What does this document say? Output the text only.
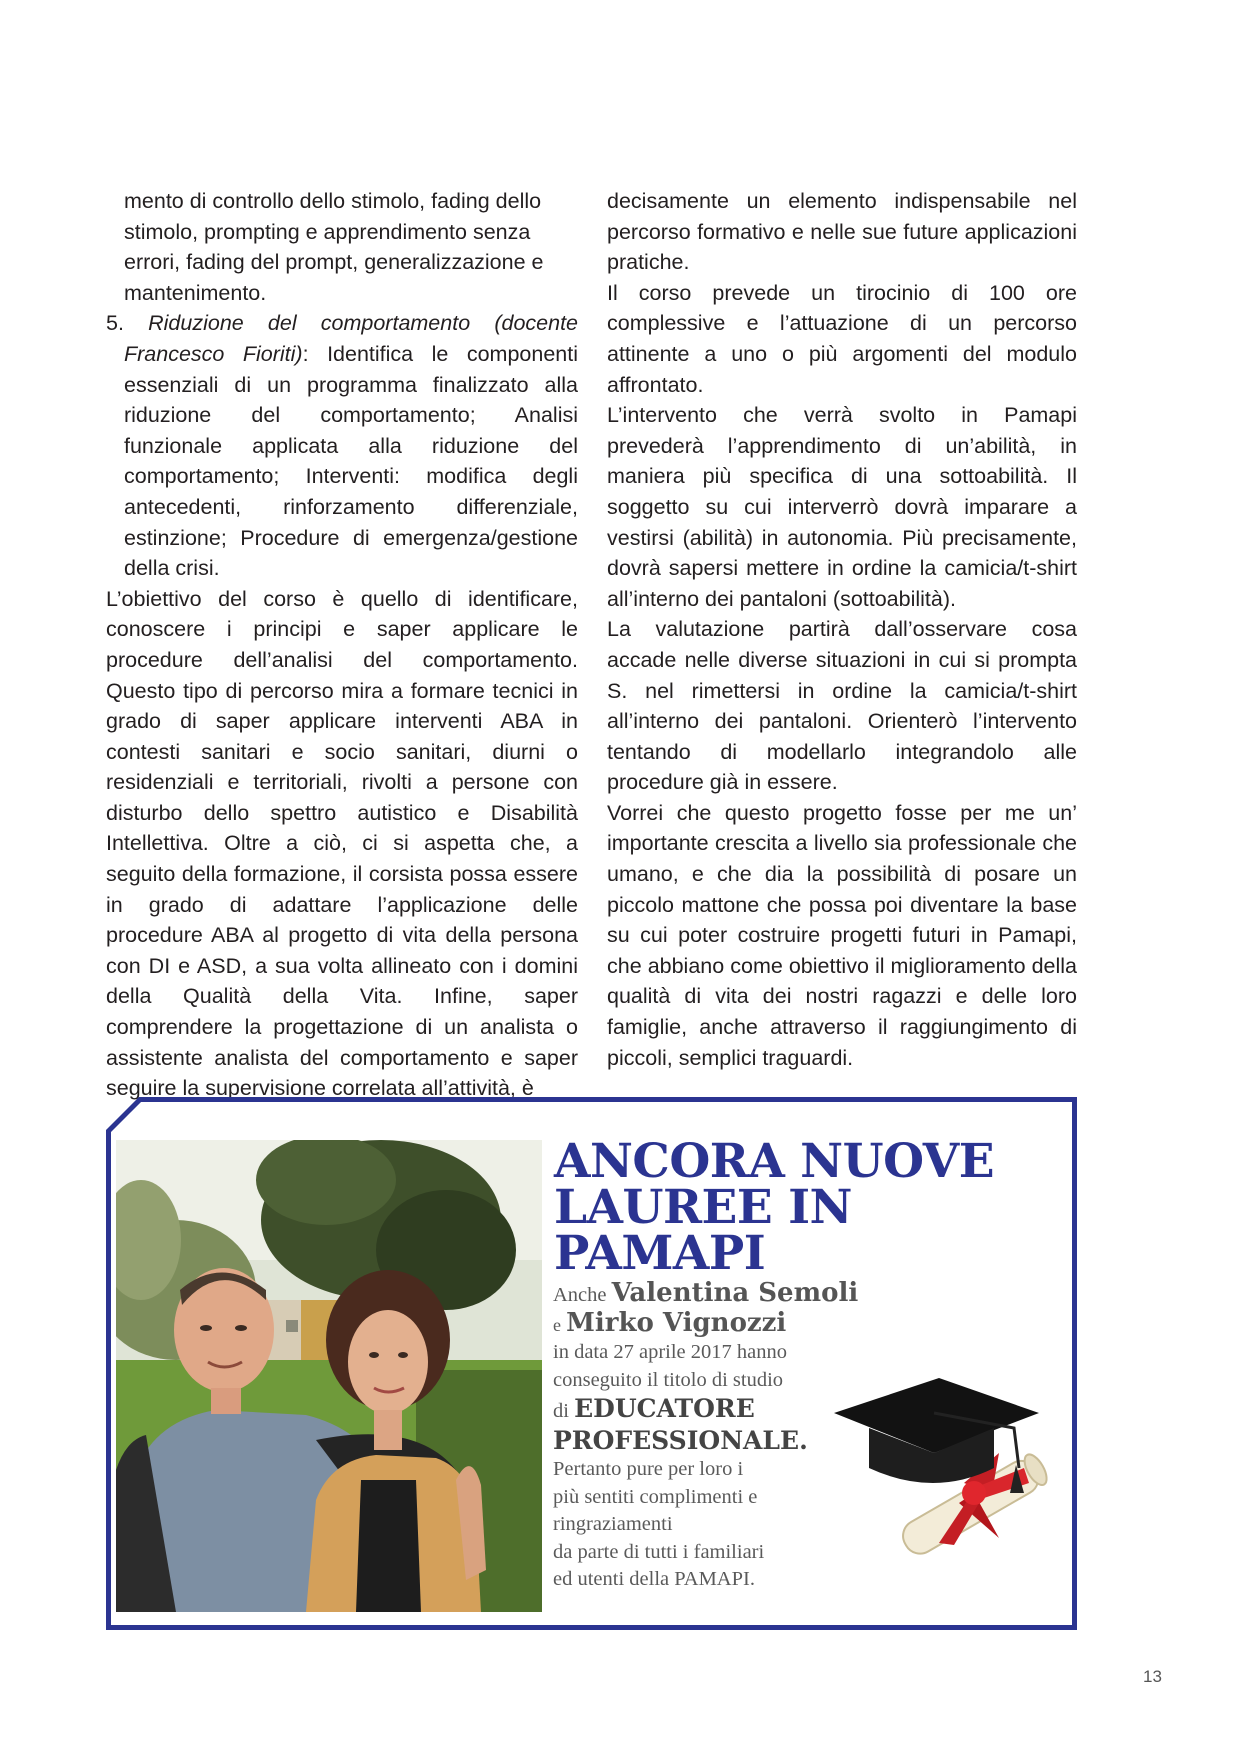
mento di controllo dello stimolo, fading dello
stimolo, prompting e apprendimento senza
errori, fading del prompt, generalizzazione e
mantenimento.

5. Riduzione del comportamento (docente Francesco Fioriti): Identifica le componenti essenziali di un programma finalizzato alla riduzione del comportamento; Analisi funzionale applicata alla riduzione del comportamento; Interventi: modifica degli antecedenti, rinforzamento differenziale, estinzione; Procedure di emergenza/gestione della crisi.

L’obiettivo del corso è quello di identificare, conoscere i principi e saper applicare le procedure dell’analisi del comportamento. Questo tipo di percorso mira a formare tecnici in grado di saper applicare interventi ABA in contesti sanitari e socio sanitari, diurni o residenziali e territoriali, rivolti a persone con disturbo dello spettro autistico e Disabilità Intellettiva. Oltre a ciò, ci si aspetta che, a seguito della formazione, il corsista possa essere in grado di adattare l’applicazione delle procedure ABA al progetto di vita della persona con DI e ASD, a sua volta allineato con i domini della Qualità della Vita. Infine, saper comprendere la progettazione di un analista o assistente analista del comportamento e saper seguire la supervisione correlata all’attività, è

decisamente un elemento indispensabile nel percorso formativo e nelle sue future applicazioni pratiche.

Il corso prevede un tirocinio di 100 ore complessive e l’attuazione di un percorso attinente a uno o più argomenti del modulo affrontato.

L’intervento che verrà svolto in Pamapi prevederà l’apprendimento di un’abilità, in maniera più specifica di una sottoabilità. Il soggetto su cui interverrò dovrà imparare a vestirsi (abilità) in autonomia. Più precisamente, dovrà sapersi mettere in ordine la camicia/t-shirt all’interno dei pantaloni (sottoabilità).

La valutazione partirà dall’osservare cosa accade nelle diverse situazioni in cui si prompta S. nel rimettersi in ordine la camicia/t-shirt all’interno dei pantaloni. Orienterò l’intervento tentando di modellarlo integrandolo alle procedure già in essere.

Vorrei che questo progetto fosse per me un’ importante crescita a livello sia professionale che umano, e che dia la possibilità di posare un piccolo mattone che possa poi diventare la base su cui poter costruire progetti futuri in Pamapi, che abbiano come obiettivo il miglioramento della qualità di vita dei nostri ragazzi e delle loro famiglie, anche attraverso il raggiungimento di piccoli, semplici traguardi.

ANCORA NUOVE
LAUREE IN PAMAPI
Anche Valentina Semoli
e Mirko Vignozzi
in data 27 aprile 2017 hanno
conseguito il titolo di studio
di EDUCATORE
PROFESSIONALE.
Pertanto pure per loro i
più sentiti complimenti e
ringraziamenti
da parte di tutti i familiari
ed utenti della PAMAPI.
13
